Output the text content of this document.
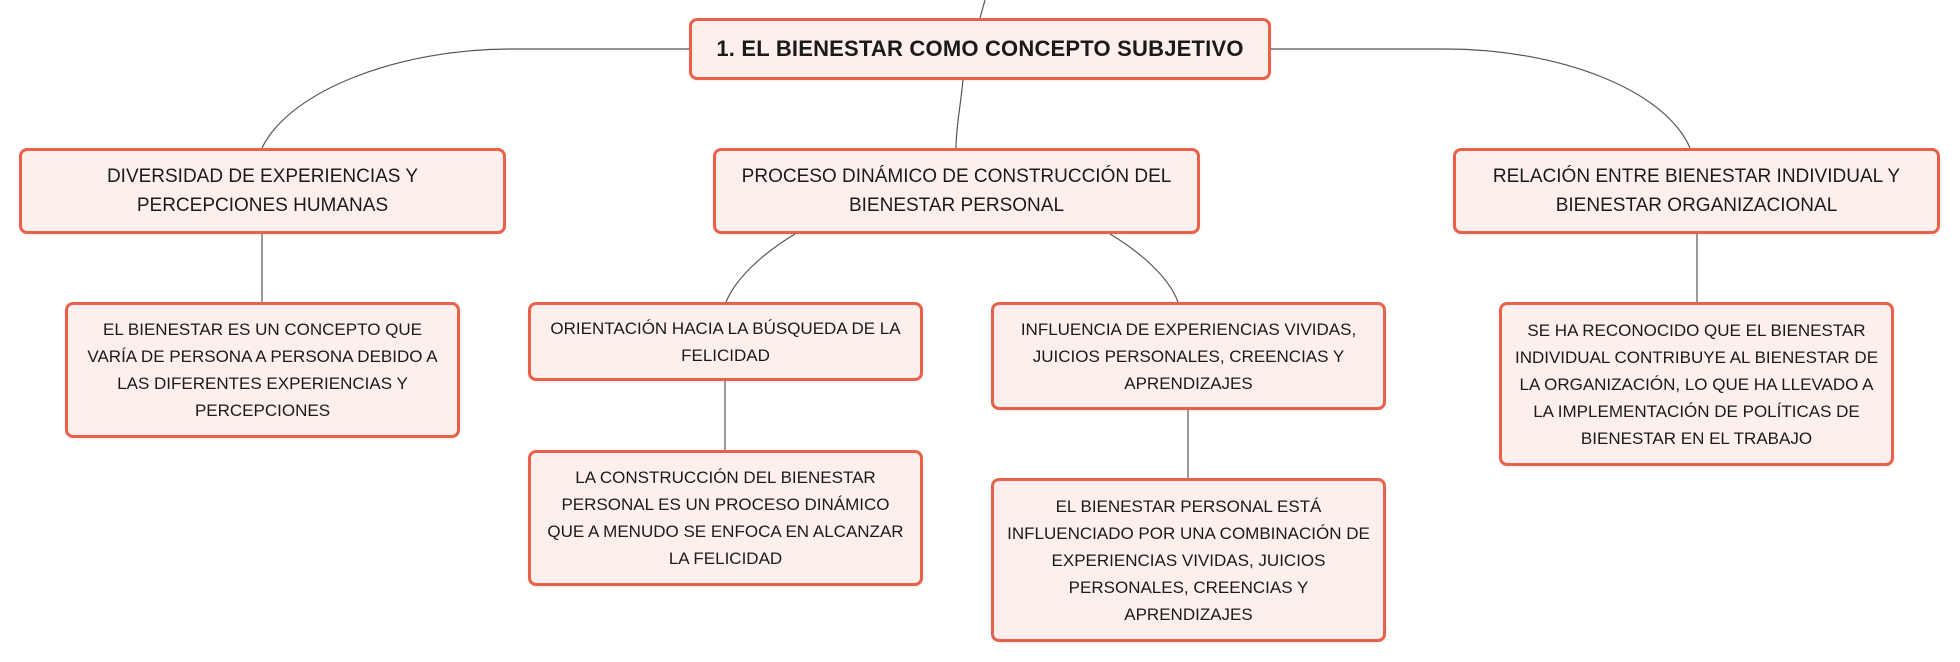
1. EL BIENESTAR COMO CONCEPTO SUBJETIVO
DIVERSIDAD DE EXPERIENCIAS Y PERCEPCIONES HUMANAS
PROCESO DINÁMICO DE CONSTRUCCIÓN DEL BIENESTAR PERSONAL
RELACIÓN ENTRE BIENESTAR INDIVIDUAL Y BIENESTAR ORGANIZACIONAL
EL BIENESTAR ES UN CONCEPTO QUE VARÍA DE PERSONA A PERSONA DEBIDO A LAS DIFERENTES EXPERIENCIAS Y PERCEPCIONES
ORIENTACIÓN HACIA LA BÚSQUEDA DE LA FELICIDAD
LA CONSTRUCCIÓN DEL BIENESTAR PERSONAL ES UN PROCESO DINÁMICO QUE A MENUDO SE ENFOCA EN ALCANZAR LA FELICIDAD
INFLUENCIA DE EXPERIENCIAS VIVIDAS, JUICIOS PERSONALES, CREENCIAS Y APRENDIZAJES
EL BIENESTAR PERSONAL ESTÁ INFLUENCIADO POR UNA COMBINACIÓN DE EXPERIENCIAS VIVIDAS, JUICIOS PERSONALES, CREENCIAS Y APRENDIZAJES
SE HA RECONOCIDO QUE EL BIENESTAR INDIVIDUAL CONTRIBUYE AL BIENESTAR DE LA ORGANIZACIÓN, LO QUE HA LLEVADO A LA IMPLEMENTACIÓN DE POLÍTICAS DE BIENESTAR EN EL TRABAJO
